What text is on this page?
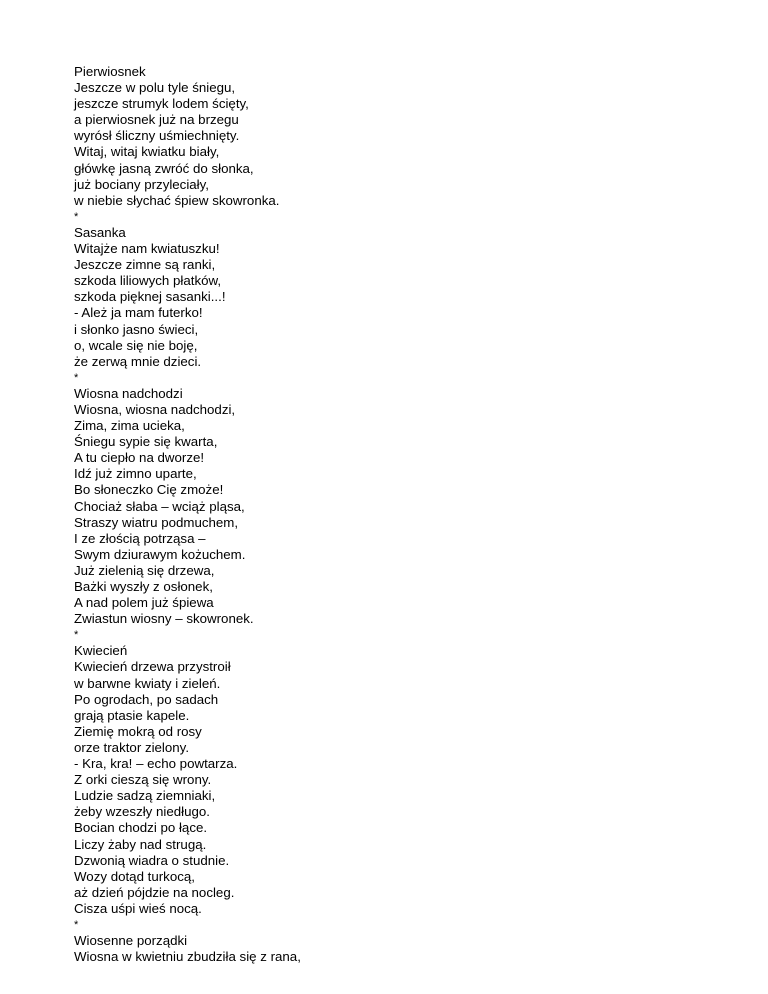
Pierwiosnek
Jeszcze w polu tyle śniegu,
jeszcze strumyk lodem ścięty,
a pierwiosnek już na brzegu
wyrósł śliczny uśmiechnięty.
Witaj, witaj kwiatku biały,
główkę jasną zwróć do słonka,
już bociany przyleciały,
w niebie słychać śpiew skowronka.
*
Sasanka
Witajże nam kwiatuszku!
Jeszcze zimne są ranki,
szkoda liliowych płatków,
szkoda pięknej sasanki...!
- Ależ ja mam futerko!
i słonko jasno świeci,
o, wcale się nie boję,
że zerwą mnie dzieci.
*
Wiosna nadchodzi
Wiosna, wiosna nadchodzi,
Zima, zima ucieka,
Śniegu sypie się kwarta,
A tu ciepło na dworze!
Idź już zimno uparte,
Bo słoneczko Cię zmoże!
Chociaż słaba – wciąż pląsa,
Straszy wiatru podmuchem,
I ze złością potrząsa –
Swym dziurawym kożuchem.
Już zielenią się drzewa,
Bażki wyszły z osłonek,
A nad polem już śpiewa
Zwiastun wiosny – skowronek.
*
Kwiecień
Kwiecień drzewa przystroił
w barwne kwiaty i zieleń.
Po ogrodach, po sadach
grają ptasie kapele.
Ziemię mokrą od rosy
orze traktor zielony.
- Kra, kra! – echo powtarza.
Z orki cieszą się wrony.
Ludzie sadzą ziemniaki,
żeby wzeszły niedługo.
Bocian chodzi po łące.
Liczy żaby nad strugą.
Dzwonią wiadra o studnie.
Wozy dotąd turkocą,
aż dzień pójdzie na nocleg.
Cisza uśpi wieś nocą.
*
Wiosenne porządki
Wiosna w kwietniu zbudziła się z rana,
